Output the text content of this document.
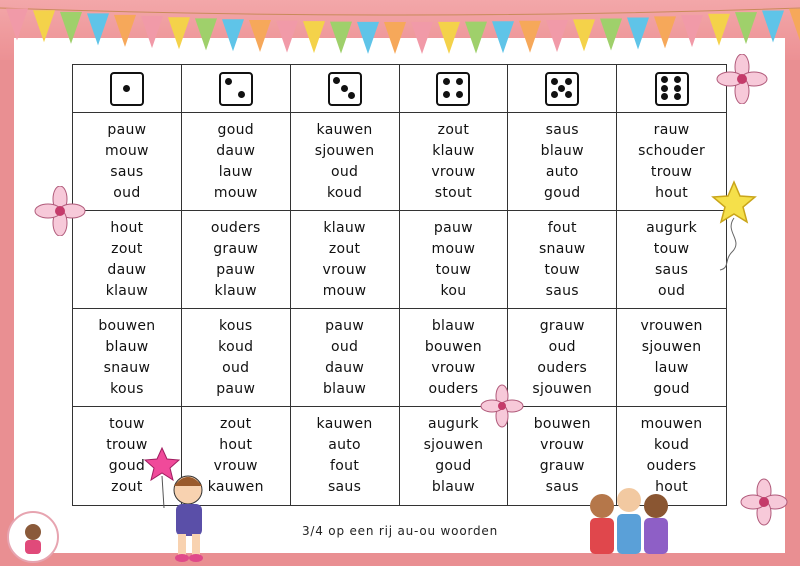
pauw
mouw
saus
oud
goud
dauw
lauw
mouw
kauwen
sjouwen
oud
koud
zout
klauw
vrouw
stout
saus
blauw
auto
goud
rauw
schouder
trouw
hout
hout
zout
dauw
klauw
ouders
grauw
pauw
klauw
klauw
zout
vrouw
mouw
pauw
mouw
touw
kou
fout
snauw
touw
saus
augurk
touw
saus
oud
bouwen
blauw
snauw
kous
kous
koud
oud
pauw
pauw
oud
dauw
blauw
blauw
bouwen
vrouw
ouders
grauw
oud
ouders
sjouwen
vrouwen
sjouwen
lauw
goud
touw
trouw
goud
zout
zout
hout
vrouw
kauwen
kauwen
auto
fout
saus
augurk
sjouwen
goud
blauw
bouwen
vrouw
grauw
saus
mouwen
koud
ouders
hout
3/4 op een rij au-ou woorden
